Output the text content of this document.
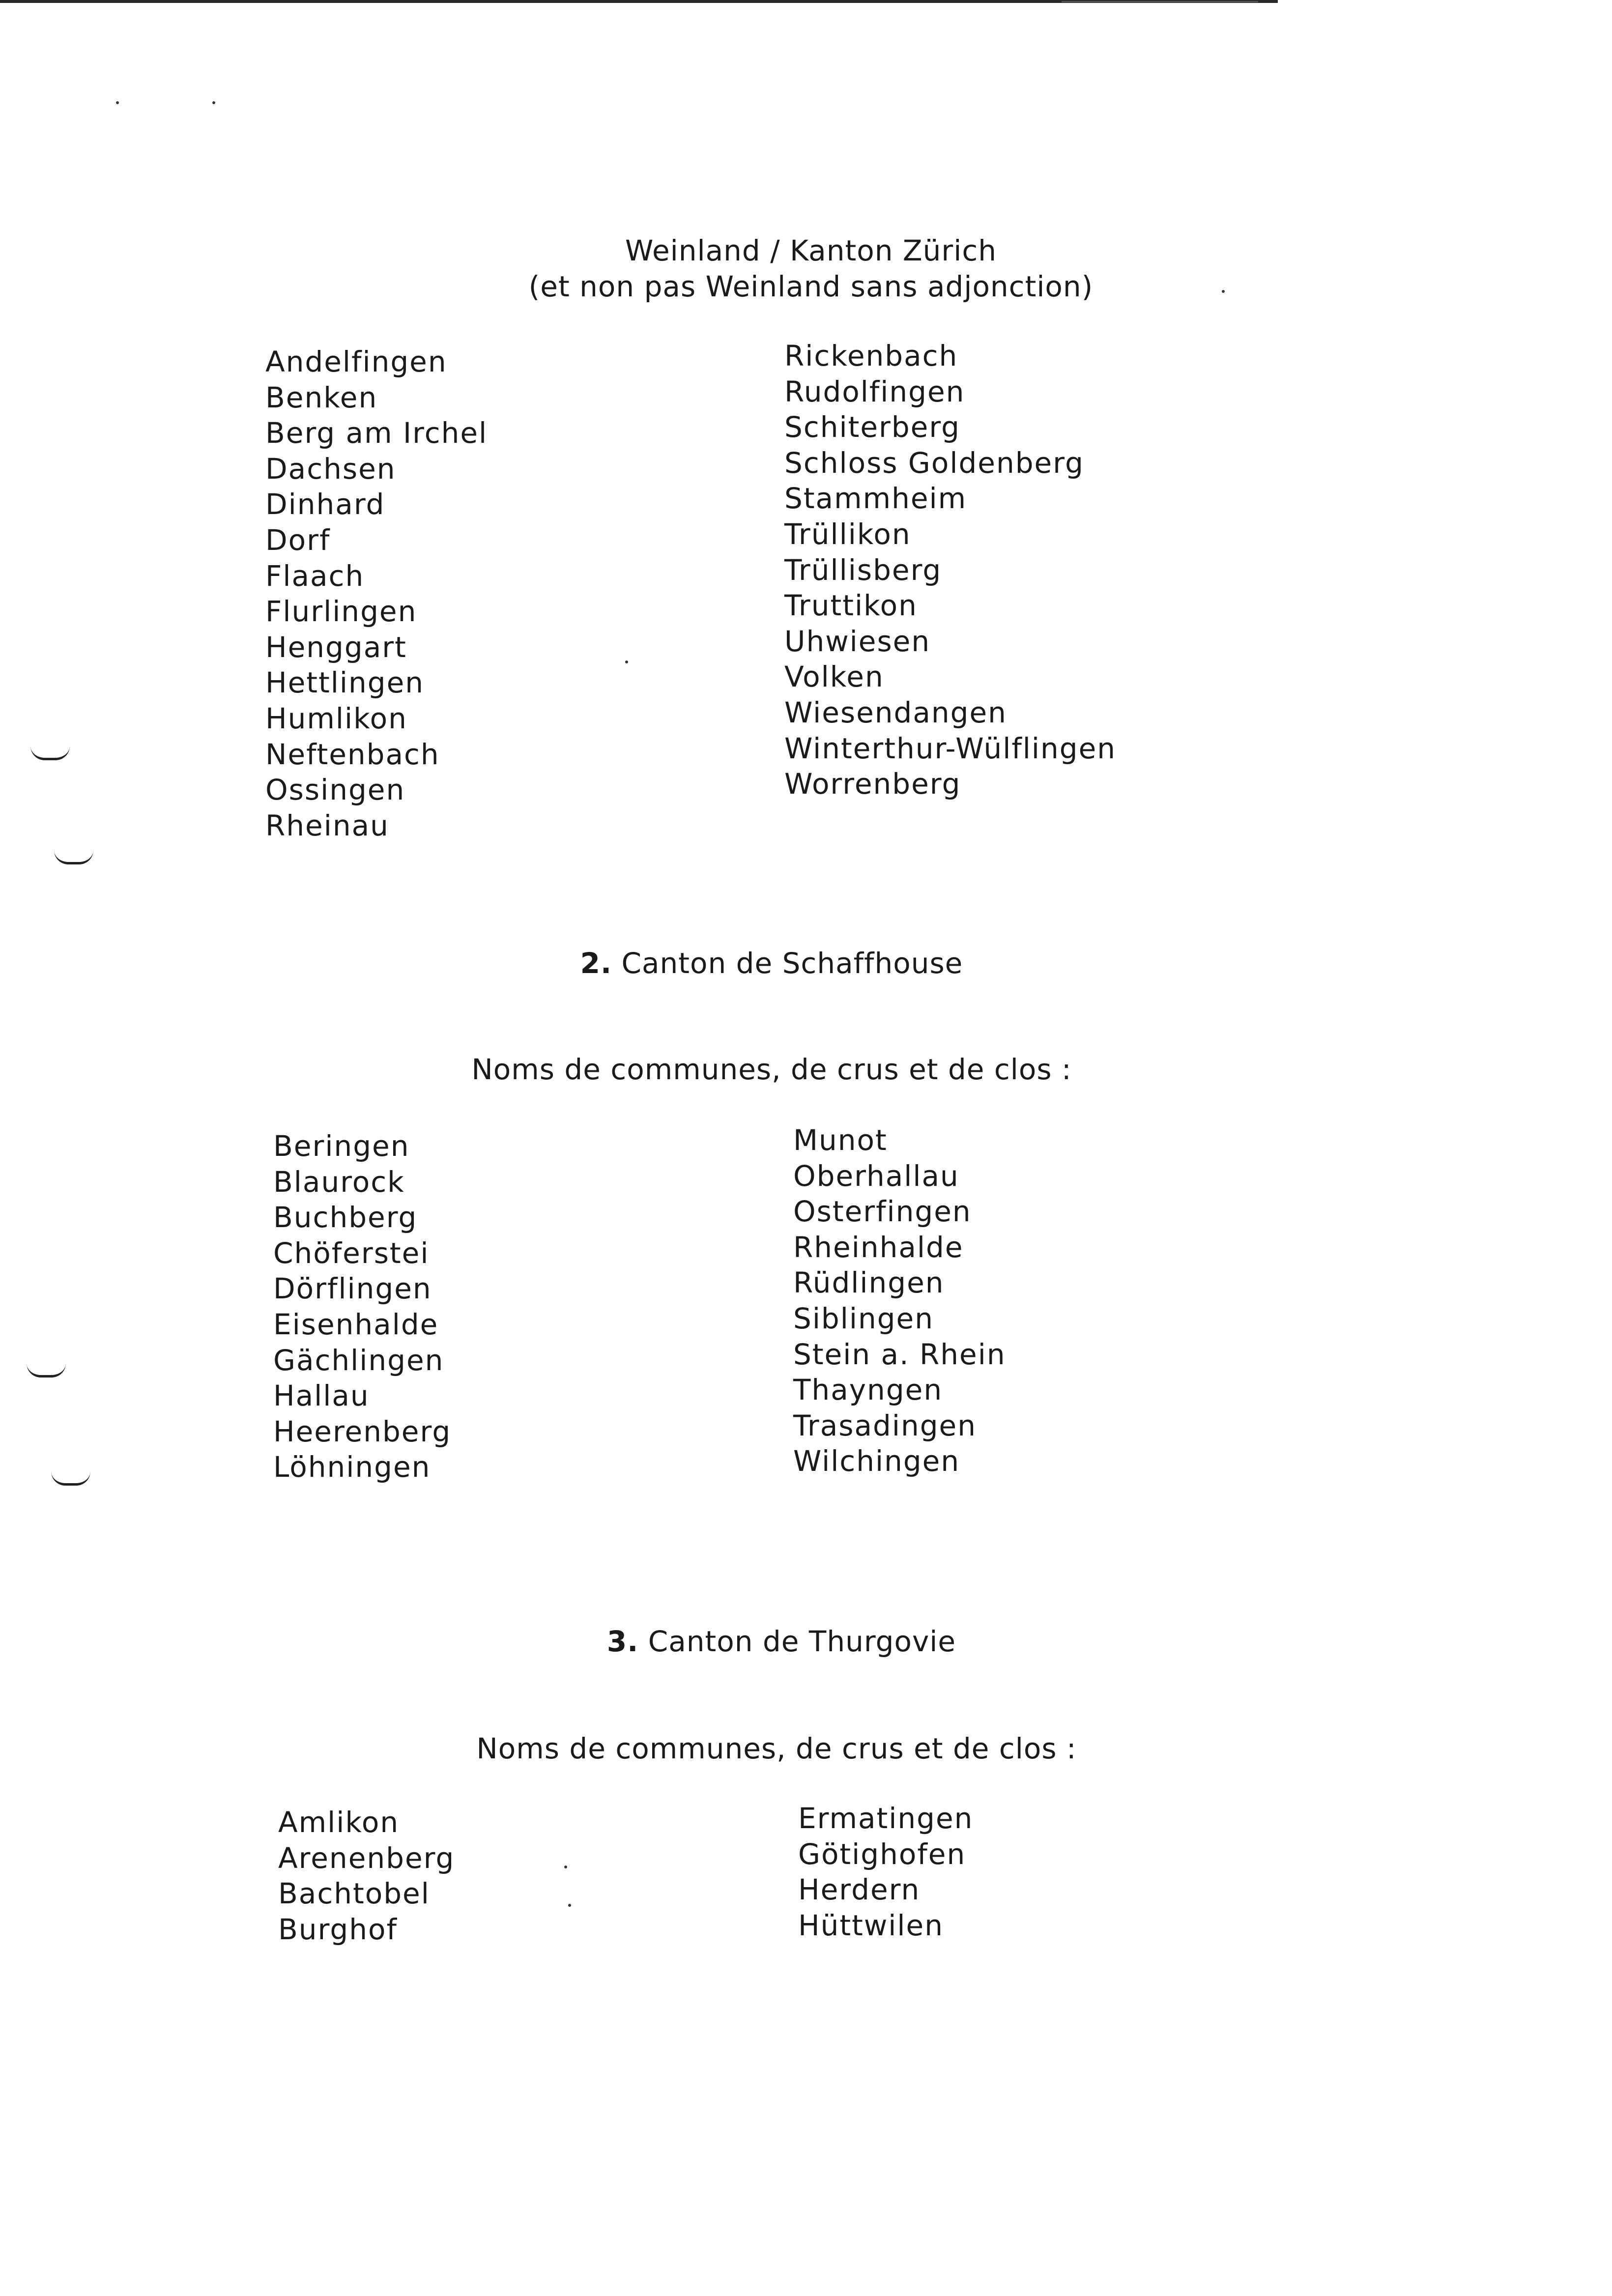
Weinland / Kanton Zürich
(et non pas Weinland sans adjonction)
Andelfingen
Benken
Berg am Irchel
Dachsen
Dinhard
Dorf
Flaach
Flurlingen
Henggart
Hettlingen
Humlikon
Neftenbach
Ossingen
Rheinau
Rickenbach
Rudolfingen
Schiterberg
Schloss Goldenberg
Stammheim
Trüllikon
Trüllisberg
Truttikon
Uhwiesen
Volken
Wiesendangen
Winterthur-Wülflingen
Worrenberg
2. Canton de Schaffhouse
Noms de communes, de crus et de clos :
Beringen
Blaurock
Buchberg
Chöferstei
Dörflingen
Eisenhalde
Gächlingen
Hallau
Heerenberg
Löhningen
Munot
Oberhallau
Osterfingen
Rheinhalde
Rüdlingen
Siblingen
Stein a. Rhein
Thayngen
Trasadingen
Wilchingen
3. Canton de Thurgovie
Noms de communes, de crus et de clos :
Amlikon
Arenenberg
Bachtobel
Burghof
Ermatingen
Götighofen
Herdern
Hüttwilen
